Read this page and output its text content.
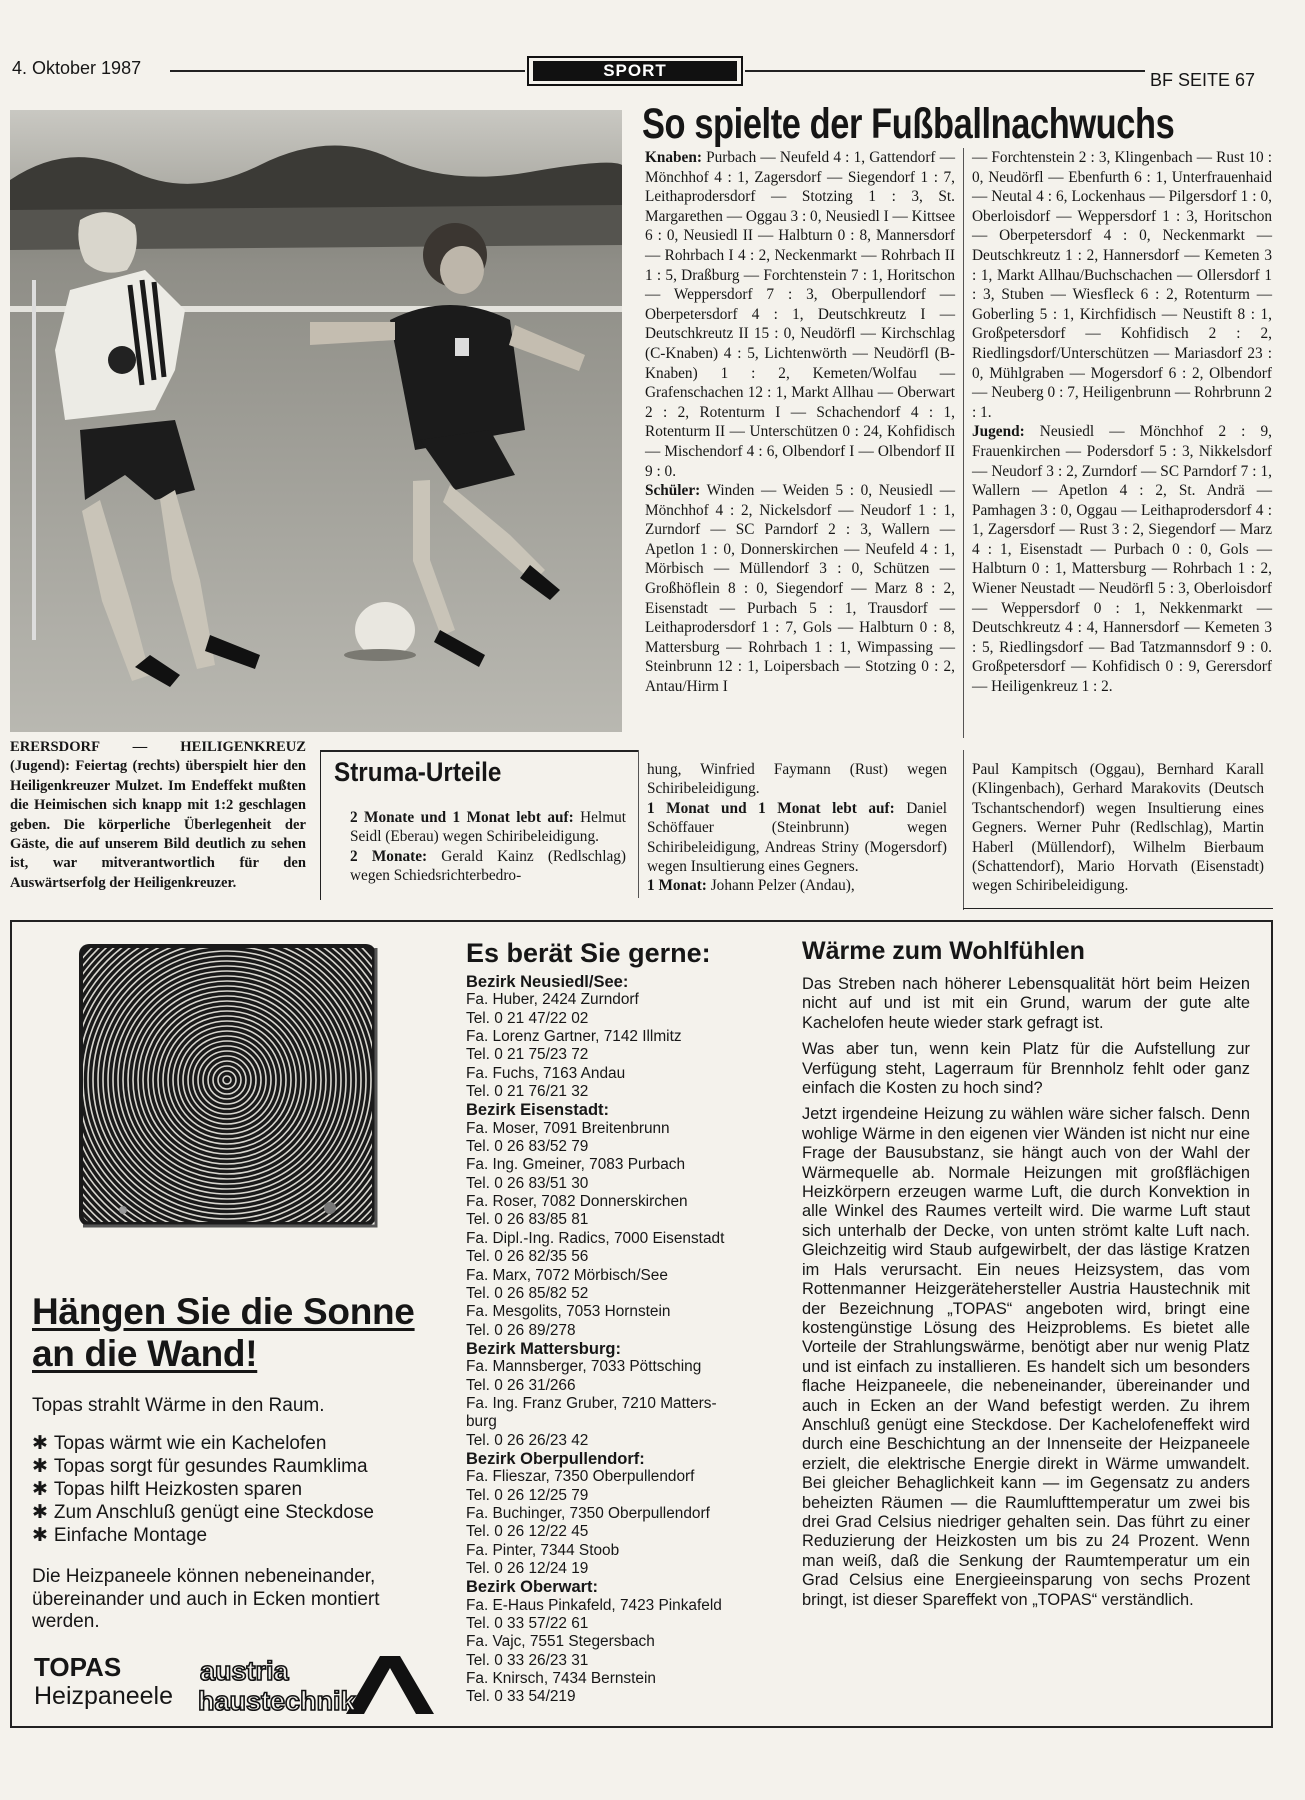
4. Oktober 1987	SPORT	BF SEITE 67
ERERSDORF — HEILIGENKREUZ (Jugend): Feiertag (rechts) überspielt hier den Heiligenkreuzer Mulzet. Im Endeffekt mußten die Heimischen sich knapp mit 1:2 geschlagen geben. Die körperliche Überlegenheit der Gäste, die auf unserem Bild deutlich zu sehen ist, war mitverantwortlich für den Auswärtserfolg der Heiligenkreuzer.
So spielte der Fußballnachwuchs

Knaben: Purbach — Neufeld 4 : 1, Gattendorf — Mönchhof 4 : 1, Zagersdorf — Siegendorf 1 : 7, Leithaprodersdorf — Stotzing 1 : 3, St. Margarethen — Oggau 3 : 0, Neusiedl I — Kittsee 6 : 0, Neusiedl II — Halbturn 0 : 8, Mannersdorf — Rohrbach I 4 : 2, Neckenmarkt — Rohrbach II 1 : 5, Draßburg — Forchtenstein 7 : 1, Horitschon — Weppersdorf 7 : 3, Oberpullendorf — Oberpetersdorf 4 : 1, Deutschkreutz I — Deutschkreutz II 15 : 0, Neudörfl — Kirchschlag (C-Knaben) 4 : 5, Lichtenwörth — Neudörfl (B-Knaben) 1 : 2, Kemeten/Wolfau — Grafenschachen 12 : 1, Markt Allhau — Oberwart 2 : 2, Rotenturm I — Schachendorf 4 : 1, Rotenturm II — Unterschützen 0 : 24, Kohfidisch — Mischendorf 4 : 6, Olbendorf I — Olbendorf II 9 : 0.

Schüler: Winden — Weiden 5 : 0, Neusiedl — Mönchhof 4 : 2, Nickelsdorf — Neudorf 1 : 1, Zurndorf — SC Parndorf 2 : 3, Wallern — Apetlon 1 : 0, Donnerskirchen — Neufeld 4 : 1, Mörbisch — Müllendorf 3 : 0, Schützen — Großhöflein 8 : 0, Siegendorf — Marz 8 : 2, Eisenstadt — Purbach 5 : 1, Trausdorf — Leithaprodersdorf 1 : 7, Gols — Halbturn 0 : 8, Mattersburg — Rohrbach 1 : 1, Wimpassing — Steinbrunn 12 : 1, Loipersbach — Stotzing 0 : 2, Antau/Hirm I

— Forchtenstein 2 : 3, Klingenbach — Rust 10 : 0, Neudörfl — Ebenfurth 6 : 1, Unterfrauenhaid — Neutal 4 : 6, Lockenhaus — Pilgersdorf 1 : 0, Oberloisdorf — Weppersdorf 1 : 3, Horitschon — Oberpetersdorf 4 : 0, Neckenmarkt — Deutschkreutz 1 : 2, Hannersdorf — Kemeten 3 : 1, Markt Allhau/Buchschachen — Ollersdorf 1 : 3, Stuben — Wiesfleck 6 : 2, Rotenturm — Goberling 5 : 1, Kirchfidisch — Neustift 8 : 1, Großpetersdorf — Kohfidisch 2 : 2, Riedlingsdorf/Unterschützen — Mariasdorf 23 : 0, Mühlgraben — Mogersdorf 6 : 2, Olbendorf — Neuberg 0 : 7, Heiligenbrunn — Rohrbrunn 2 : 1.

Jugend: Neusiedl — Mönchhof 2 : 9, Frauenkirchen — Podersdorf 5 : 3, Nikkelsdorf — Neudorf 3 : 2, Zurndorf — SC Parndorf 7 : 1, Wallern — Apetlon 4 : 2, St. Andrä — Pamhagen 3 : 0, Oggau — Leithaprodersdorf 4 : 1, Zagersdorf — Rust 3 : 2, Siegendorf — Marz 4 : 1, Eisenstadt — Purbach 0 : 0, Gols — Halbturn 0 : 1, Mattersburg — Rohrbach 1 : 2, Wiener Neustadt — Neudörfl 5 : 3, Oberloisdorf — Weppersdorf 0 : 1, Nekkenmarkt — Deutschkreutz 4 : 4, Hannersdorf — Kemeten 3 : 5, Riedlingsdorf — Bad Tatzmannsdorf 9 : 0. Großpetersdorf — Kohfidisch 0 : 9, Gerersdorf — Heiligenkreuz 1 : 2.

Struma-Urteile
2 Monate und 1 Monat lebt auf: Helmut Seidl (Eberau) wegen Schiribeleidigung.
2 Monate: Gerald Kainz (Redlschlag) wegen Schiedsrichterbedro-
hung, Winfried Faymann (Rust) wegen Schiribeleidigung.
1 Monat und 1 Monat lebt auf: Daniel Schöffauer (Steinbrunn) wegen Schiribeleidigung, Andreas Striny (Mogersdorf) wegen Insultierung eines Gegners.
1 Monat: Johann Pelzer (Andau),
Paul Kampitsch (Oggau), Bernhard Karall (Klingenbach), Gerhard Marakovits (Deutsch Tschantschendorf) wegen Insultierung eines Gegners. Werner Puhr (Redlschlag), Martin Haberl (Müllendorf), Wilhelm Bierbaum (Schattendorf), Mario Horvath (Eisenstadt) wegen Schiribeleidigung.
Hängen Sie die Sonne
an die Wand!
Topas strahlt Wärme in den Raum.
✱ Topas wärmt wie ein Kachelofen
✱ Topas sorgt für gesundes Raumklima
✱ Topas hilft Heizkosten sparen
✱ Zum Anschluß genügt eine Steckdose
✱ Einfache Montage
Die Heizpaneele können nebeneinander, übereinander und auch in Ecken montiert werden.
TOPAS
Heizpaneele
austria
haustechnik
Es berät Sie gerne:
Bezirk Neusiedl/See:
Fa. Huber, 2424 Zurndorf
Tel. 0 21 47/22 02
Fa. Lorenz Gartner, 7142 Illmitz
Tel. 0 21 75/23 72
Fa. Fuchs, 7163 Andau
Tel. 0 21 76/21 32
Bezirk Eisenstadt:
Fa. Moser, 7091 Breitenbrunn
Tel. 0 26 83/52 79
Fa. Ing. Gmeiner, 7083 Purbach
Tel. 0 26 83/51 30
Fa. Roser, 7082 Donnerskirchen
Tel. 0 26 83/85 81
Fa. Dipl.-Ing. Radics, 7000 Eisenstadt
Tel. 0 26 82/35 56
Fa. Marx, 7072 Mörbisch/See
Tel. 0 26 85/82 52
Fa. Mesgolits, 7053 Hornstein
Tel. 0 26 89/278
Bezirk Mattersburg:
Fa. Mannsberger, 7033 Pöttsching
Tel. 0 26 31/266
Fa. Ing. Franz Gruber, 7210 Matters-
burg
Tel. 0 26 26/23 42
Bezirk Oberpullendorf:
Fa. Flieszar, 7350 Oberpullendorf
Tel. 0 26 12/25 79
Fa. Buchinger, 7350 Oberpullendorf
Tel. 0 26 12/22 45
Fa. Pinter, 7344 Stoob
Tel. 0 26 12/24 19
Bezirk Oberwart:
Fa. E-Haus Pinkafeld, 7423 Pinkafeld
Tel. 0 33 57/22 61
Fa. Vajc, 7551 Stegersbach
Tel. 0 33 26/23 31
Fa. Knirsch, 7434 Bernstein
Tel. 0 33 54/219
Wärme zum Wohlfühlen

Das Streben nach höherer Lebensqualität hört beim Heizen nicht auf und ist mit ein Grund, warum der gute alte Kachelofen heute wieder stark gefragt ist.

Was aber tun, wenn kein Platz für die Aufstellung zur Verfügung steht, Lagerraum für Brennholz fehlt oder ganz einfach die Kosten zu hoch sind?

Jetzt irgendeine Heizung zu wählen wäre sicher falsch. Denn wohlige Wärme in den eigenen vier Wänden ist nicht nur eine Frage der Bausubstanz, sie hängt auch von der Wahl der Wärmequelle ab. Normale Heizungen mit großflächigen Heizkörpern erzeugen warme Luft, die durch Konvektion in alle Winkel des Raumes verteilt wird. Die warme Luft staut sich unterhalb der Decke, von unten strömt kalte Luft nach. Gleichzeitig wird Staub aufgewirbelt, der das lästige Kratzen im Hals verursacht. Ein neues Heizsystem, das vom Rottenmanner Heizgerätehersteller Austria Haustechnik mit der Bezeichnung „TOPAS“ angeboten wird, bringt eine kostengünstige Lösung des Heizproblems. Es bietet alle Vorteile der Strahlungswärme, benötigt aber nur wenig Platz und ist einfach zu installieren. Es handelt sich um besonders flache Heizpaneele, die nebeneinander, übereinander und auch in Ecken an der Wand befestigt werden. Zu ihrem Anschluß genügt eine Steckdose. Der Kachelofeneffekt wird durch eine Beschichtung an der Innenseite der Heizpaneele erzielt, die elektrische Energie direkt in Wärme umwandelt. Bei gleicher Behaglichkeit kann — im Gegensatz zu anders beheizten Räumen — die Raumlufttemperatur um zwei bis drei Grad Celsius niedriger gehalten sein. Das führt zu einer Reduzierung der Heizkosten um bis zu 24 Prozent. Wenn man weiß, daß die Senkung der Raumtemperatur um ein Grad Celsius eine Energieeinsparung von sechs Prozent bringt, ist dieser Spareffekt von „TOPAS“ verständlich.
